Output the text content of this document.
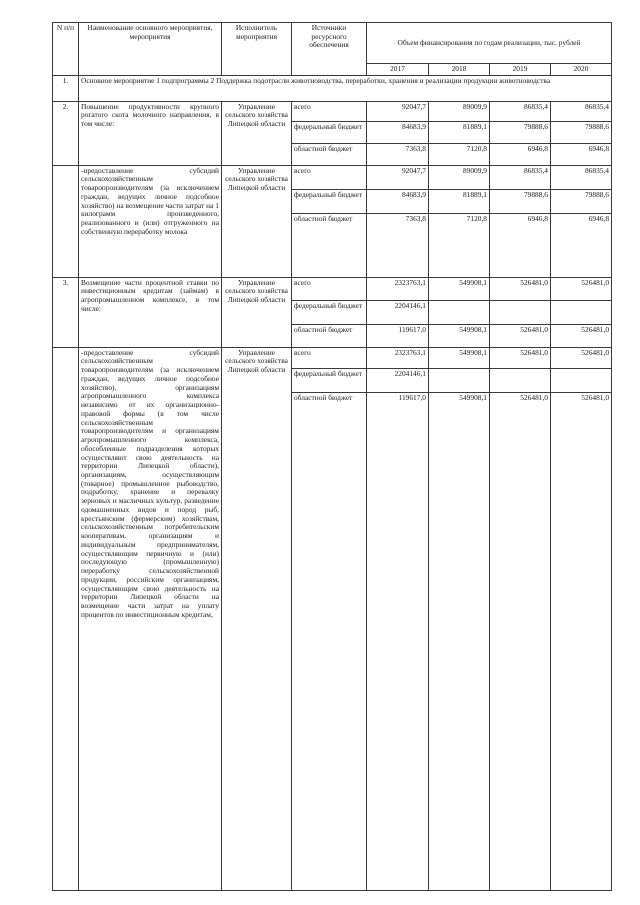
N п/п	Наименование основного мероприятия, мероприятия	Исполнитель мероприятия	Источники ресурсного обеспечения	Объем финансирования по годам реализации, тыс. рублей			
				2017	2018	2019	2020
1.	Основное мероприятие 1 подпрограммы 2 Поддержка подотрасли животноводства, переработки, хранения и реализации продукции животноводства						
2.	Повышение продуктивности крупного рогатого скота молочного направления, в том числе:	Управление сельского хозяйства Липецкой области	всего	92047,7	89009,9	86835,4	86835,4
			федеральный бюджет	84683,9	81889,1	79888,6	79888,6
			областной бюджет	7363,8	7120,8	6946,8	6946,8
	-предоставление субсидий сельскохозяйственным товаропроизводителям (за исключением граждан, ведущих личное подсобное хозяйство) на возмещение части затрат на 1 килограмм произведенного, реализованного и (или) отгруженного на собственную переработку молока	Управление сельского хозяйства Липецкой области	всего	92047,7	89009,9	86835,4	86835,4
			федеральный бюджет	84683,9	81889,1	79888,6	79888,6
			областной бюджет	7363,8	7120,8	6946,8	6946,8
3.	Возмещение части процентной ставки по инвестиционным кредитам (займам) в агропромышленном комплексе, в том числе:	Управление сельского хозяйства Липецкой области	всего	2323763,1	549908,1	526481,0	526481,0
			федеральный бюджет	2204146,1			
			областной бюджет	119617,0	549908,1	526481,0	526481,0
	-предоставление субсидий сельскохозяйственным товаропроизводителям (за исключением граждан, ведущих личное подсобное хозяйство), организациям агропромышленного комплекса независимо от их организационно-правовой формы (в том числе сельскохозяйственным товаропроизводителям и организациям агропромышленного комплекса, обособленные подразделения которых осуществляют свою деятельность на территории Липецкой области), организациям, осуществляющим (товарное) промышленное рыбоводство, подработку, хранение и перевалку зерновых и масличных культур, разведение одомашненных видов и пород рыб, крестьянским (фермерским) хозяйствам, сельскохозяйственным потребительским кооперативам, организациям и индивидуальным предпринимателям, осуществляющим первичную и (или) последующую (промышленную) переработку сельскохозяйственной продукции, российским организациям, осуществляющим свою деятельность на территории Липецкой области на возмещение части затрат на уплату процентов по инвестиционным кредитам,	Управление сельского хозяйства Липецкой области	всего	2323763,1	549908,1	526481,0	526481,0
			федеральный бюджет	2204146,1			
			областной бюджет	119617,0	549908,1	526481,0	526481,0
